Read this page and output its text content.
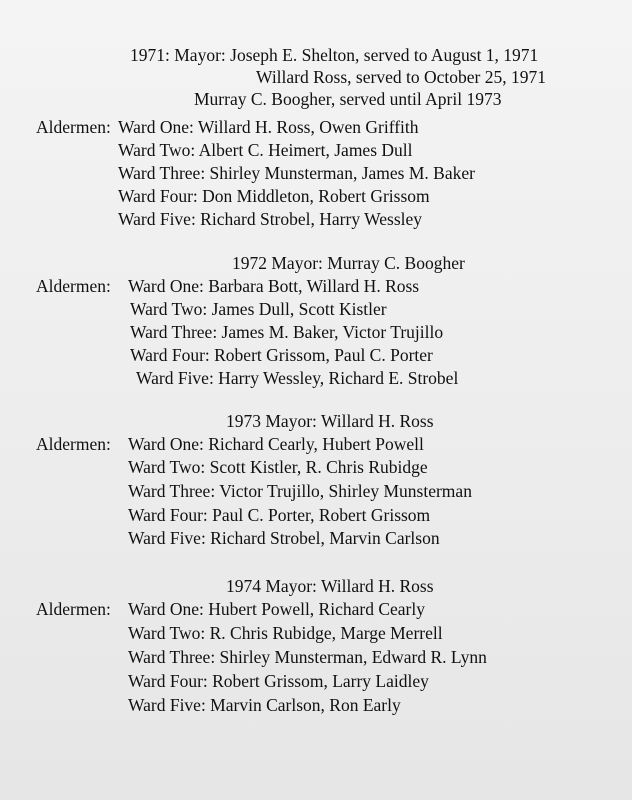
1971: Mayor: Joseph E. Shelton, served to August 1, 1971
Willard Ross, served to October 25, 1971
Murray C. Boogher, served until April 1973
Aldermen: Ward One: Willard H. Ross, Owen Griffith
Ward Two: Albert C. Heimert, James Dull
Ward Three: Shirley Munsterman, James M. Baker
Ward Four: Don Middleton, Robert Grissom
Ward Five: Richard Strobel, Harry Wessley
1972 Mayor: Murray C. Boogher
Aldermen: Ward One: Barbara Bott, Willard H. Ross
Ward Two: James Dull, Scott Kistler
Ward Three: James M. Baker, Victor Trujillo
Ward Four: Robert Grissom, Paul C. Porter
Ward Five: Harry Wessley, Richard E. Strobel
1973 Mayor: Willard H. Ross
Aldermen: Ward One: Richard Cearly, Hubert Powell
Ward Two: Scott Kistler, R. Chris Rubidge
Ward Three: Victor Trujillo, Shirley Munsterman
Ward Four: Paul C. Porter, Robert Grissom
Ward Five: Richard Strobel, Marvin Carlson
1974 Mayor: Willard H. Ross
Aldermen: Ward One: Hubert Powell, Richard Cearly
Ward Two: R. Chris Rubidge, Marge Merrell
Ward Three: Shirley Munsterman, Edward R. Lynn
Ward Four: Robert Grissom, Larry Laidley
Ward Five: Marvin Carlson, Ron Early
